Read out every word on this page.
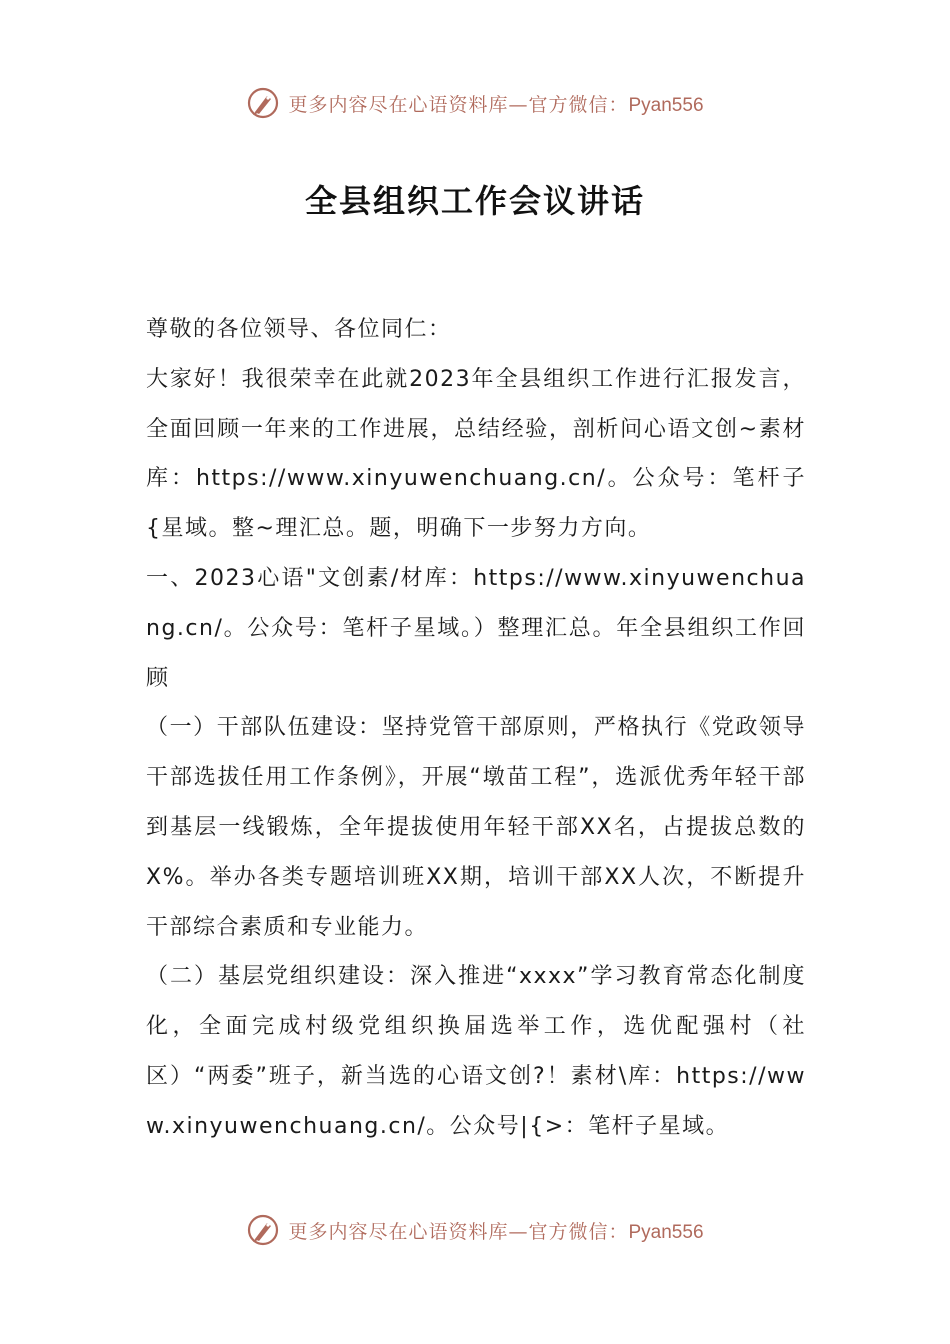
更多内容尽在心语资料库—官方微信：Pyan556
全县组织工作会议讲话

尊敬的各位领导、各位同仁：

大家好！我很荣幸在此就2023年全县组织工作进行汇报发言，全面回顾一年来的工作进展，总结经验，剖析问心语文创~素材库：https://www.xinyuwenchuang.cn/。公众号：笔杆子{星域。整~理汇总。题，明确下一步努力方向。

一、2023心语"文创素/材库：https://www.xinyuwenchuang.cn/。公众号：笔杆子星域。）整理汇总。年全县组织工作回顾

（一）干部队伍建设：坚持党管干部原则，严格执行《党政领导干部选拔任用工作条例》，开展“墩苗工程”，选派优秀年轻干部到基层一线锻炼，全年提拔使用年轻干部XX名，占提拔总数的X%。举办各类专题培训班XX期，培训干部XX人次，不断提升干部综合素质和专业能力。

（二）基层党组织建设：深入推进“xxxx”学习教育常态化制度化，全面完成村级党组织换届选举工作，选优配强村（社区）“两委”班子，新当选的心语文创?！素材\库：https://www.xinyuwenchuang.cn/。公众号|{>：笔杆子星域。

更多内容尽在心语资料库—官方微信：Pyan556
